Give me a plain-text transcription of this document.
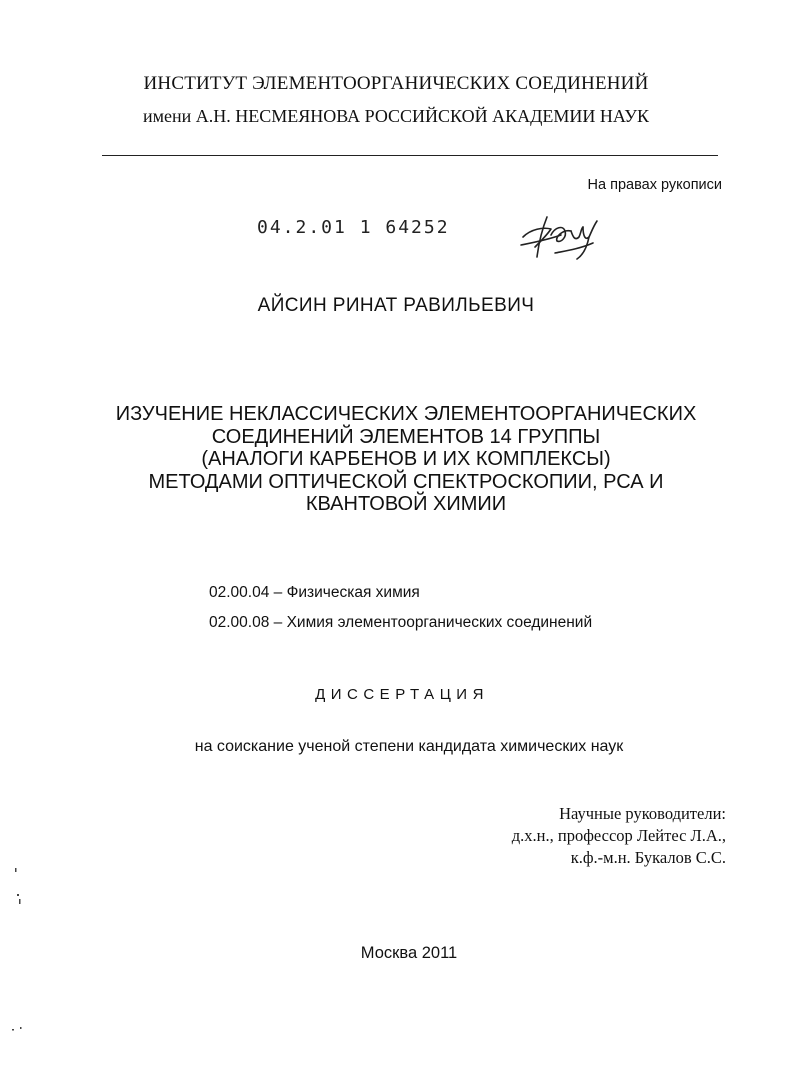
ИНСТИТУТ ЭЛЕМЕНТООРГАНИЧЕСКИХ СОЕДИНЕНИЙ
имени А.Н. НЕСМЕЯНОВА РОССИЙСКОЙ АКАДЕМИИ НАУК
На правах рукописи
04.2.01 1 64252
АЙСИН РИНАТ РАВИЛЬЕВИЧ
ИЗУЧЕНИЕ НЕКЛАССИЧЕСКИХ ЭЛЕМЕНТООРГАНИЧЕСКИХ
СОЕДИНЕНИЙ ЭЛЕМЕНТОВ 14 ГРУППЫ
(АНАЛОГИ КАРБЕНОВ И ИХ КОМПЛЕКСЫ)
МЕТОДАМИ ОПТИЧЕСКОЙ СПЕКТРОСКОПИИ, РСА И
КВАНТОВОЙ ХИМИИ
02.00.04 – Физическая химия
02.00.08 – Химия элементоорганических соединений
ДИССЕРТАЦИЯ
на соискание ученой степени кандидата химических наук
Научные руководители:
д.х.н., профессор Лейтес Л.А.,
к.ф.-м.н. Букалов С.С.
Москва 2011
